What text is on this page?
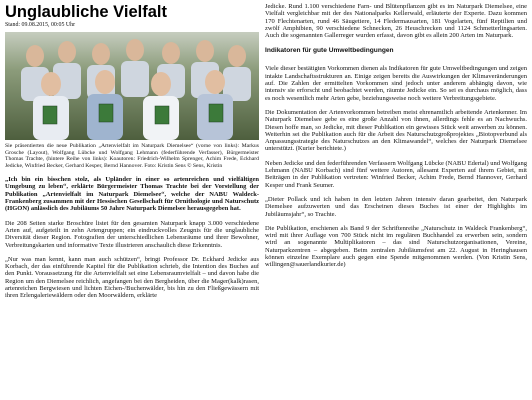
Unglaubliche Vielfalt
Stand: 09.08.2015, 00:05 Uhr

Sie präsentierten die neue Publikation „Artenvielfalt im Naturpark Diemelsee“ (vorne von links): Markus Grosche (Layout), Wolfgang Lübcke und Wolfgang Lehmann (federführende Verfasser), Bürgermeister Thomas Trachte, (hintere Reihe von links): Koautoren: Friedrich-Wilhelm Sprenger, Achim Frede, Eckhard Jedicke, Winfried Becker, Gerhard Kesper, Bernd Hannover. Foto: Kristin Sens © Sens, Kristin

„Ich bin ein bisschen stolz, als Upländer in einer so artenreichen und vielfältigen Umgebung zu leben“, erklärte Bürgermeister Thomas Trachte bei der Vorstellung der Publikation „Artenvielfalt im Naturpark Diemelsee“, welche der NABU Waldeck-Frankenberg zusammen mit der Hessischen Gesellschaft für Ornithologie und Naturschutz (HGON) anlässlich des Jubiläums 50 Jahre Naturpark Diemelsee herausgegeben hat.

Die 208 Seiten starke Broschüre listet für den gesamten Naturpark knapp 3.000 verschiedene Arten auf, aufgeteilt in zehn Artengruppen; ein eindruckvolles Zeugnis für die unglaubliche Diversität dieser Region. Fotografien der unterschiedlichen Lebensräume und ihrer Bewohner, Verbreitungskarten und informative Texte illustrieren anschaulich diese Erkenntnis.

„Nur was man kennt, kann man auch schützen“, bringt Professor Dr. Eckhard Jedicke aus Korbach, der das einführende Kapitel für die Publikation schrieb, die Intention des Buches auf den Punkt. Voraussetzung für die Artenvielfalt sei eine Lebensraumvielfalt – und davon habe die Region um den Diemelsee reichlich, angefangen bei den Bergheiden, über die Mager(kalk)rasen, artenreichen Bergwiesen und lichten Eichen-/Buchenwälder, bis hin zu den Fließgewässern mit ihren Erlengaleriewäldern oder den Moorwäldern, erklärte

Jedicke. Rund 1.100 verschiedene Farn- und Blütenpflanzen gibt es im Naturpark Diemelsee, eine Vielfalt vergleichbar mit der des Nationalparks Kellerwald, erläuterte der Experte. Dazu kommen 170 Flechtenarten, rund 46 Säugetiere, 14 Fledermausarten, 181 Vogelarten, fünf Reptilien und zwölf Amphibien, 90 verschiedene Schnecken, 26 Heuschrecken und 1124 Schmetterlingsarten. Auch die sogenannten Gallerreger wurden erfasst, davon gibt es allein 200 Arten im Naturpark.

Indikatoren für gute Umweltbedingungen

Viele dieser bestätigten Vorkommen dienen als Indikatoren für gute Umweltbedingungen und zeigen intakte Landschaftsstrukturen an. Einige zeigen bereits die Auswirkungen der Klimaveränderungen auf. Die Zahlen der ermittelten Vorkommen sind jedoch unter anderem abhängig davon, wie intensiv sie erforscht und beobachtet werden, räumte Jedicke ein. So sei es durchaus möglich, dass es noch wesentlich mehr Arten gebe, beziehungsweise noch weitere Verbreitungsgebiete.

Die Dokumentation der Artenvorkommen betreiben meist ehrenamtlich arbeitende Artenkenner. Im Naturpark Diemelsee gebe es eine große Anzahl von ihnen, allerdings fehle es an Nachwuchs. Diesen hoffe man, so Jedicke, mit dieser Publikation ein gewisses Stück weit anwerben zu können. Weiterhin sei die Publikation auch für die Arbeit des Naturschutzgroßprojektes „Biotopverbund als Anpassungsstrategie des Naturschutzes an den Klimawandel“, welches der Naturpark Diemelsee unterstützt. (Kurier berichtete.)

Neben Jedicke und den federführenden Verfassern Wolfgang Lübcke (NABU Edertal) und Wolfgang Lehmann (NABU Korbach) sind fünf weitere Autoren, allesamt Experten auf ihrem Gebiet, mit Beiträgen in der Publikation vertreten: Winfried Becker, Achim Frede, Bernd Hannover, Gerhard Kesper und Frank Seumer.

„Dieter Pollack und ich haben in den letzten Jahren intensiv daran gearbeitet, den Naturpark Diemelsee aufzuwerten und das Erscheinen dieses Buches ist einer der Highlights im Jubiläumsjahr“, so Trachte.

Die Publikation, erschienen als Band 9 der Schriftenreihe „Naturschutz in Waldeck Frankenberg“, wird mit ihrer Auflage von 700 Stück nicht im regulären Buchhandel zu erwerben sein, sondern wird an sogenannte Multiplikatoren – das sind Naturschutzorganisationen, Vereine, Naturparkzentren – abgegeben. Beim zentralen Jubiläumsfest am 22. August in Heringhausen können einzelne Exemplare auch gegen eine Spende mitgenommen werden. (Von Kristin Sens, willingen@sauerlandkurier.de)
